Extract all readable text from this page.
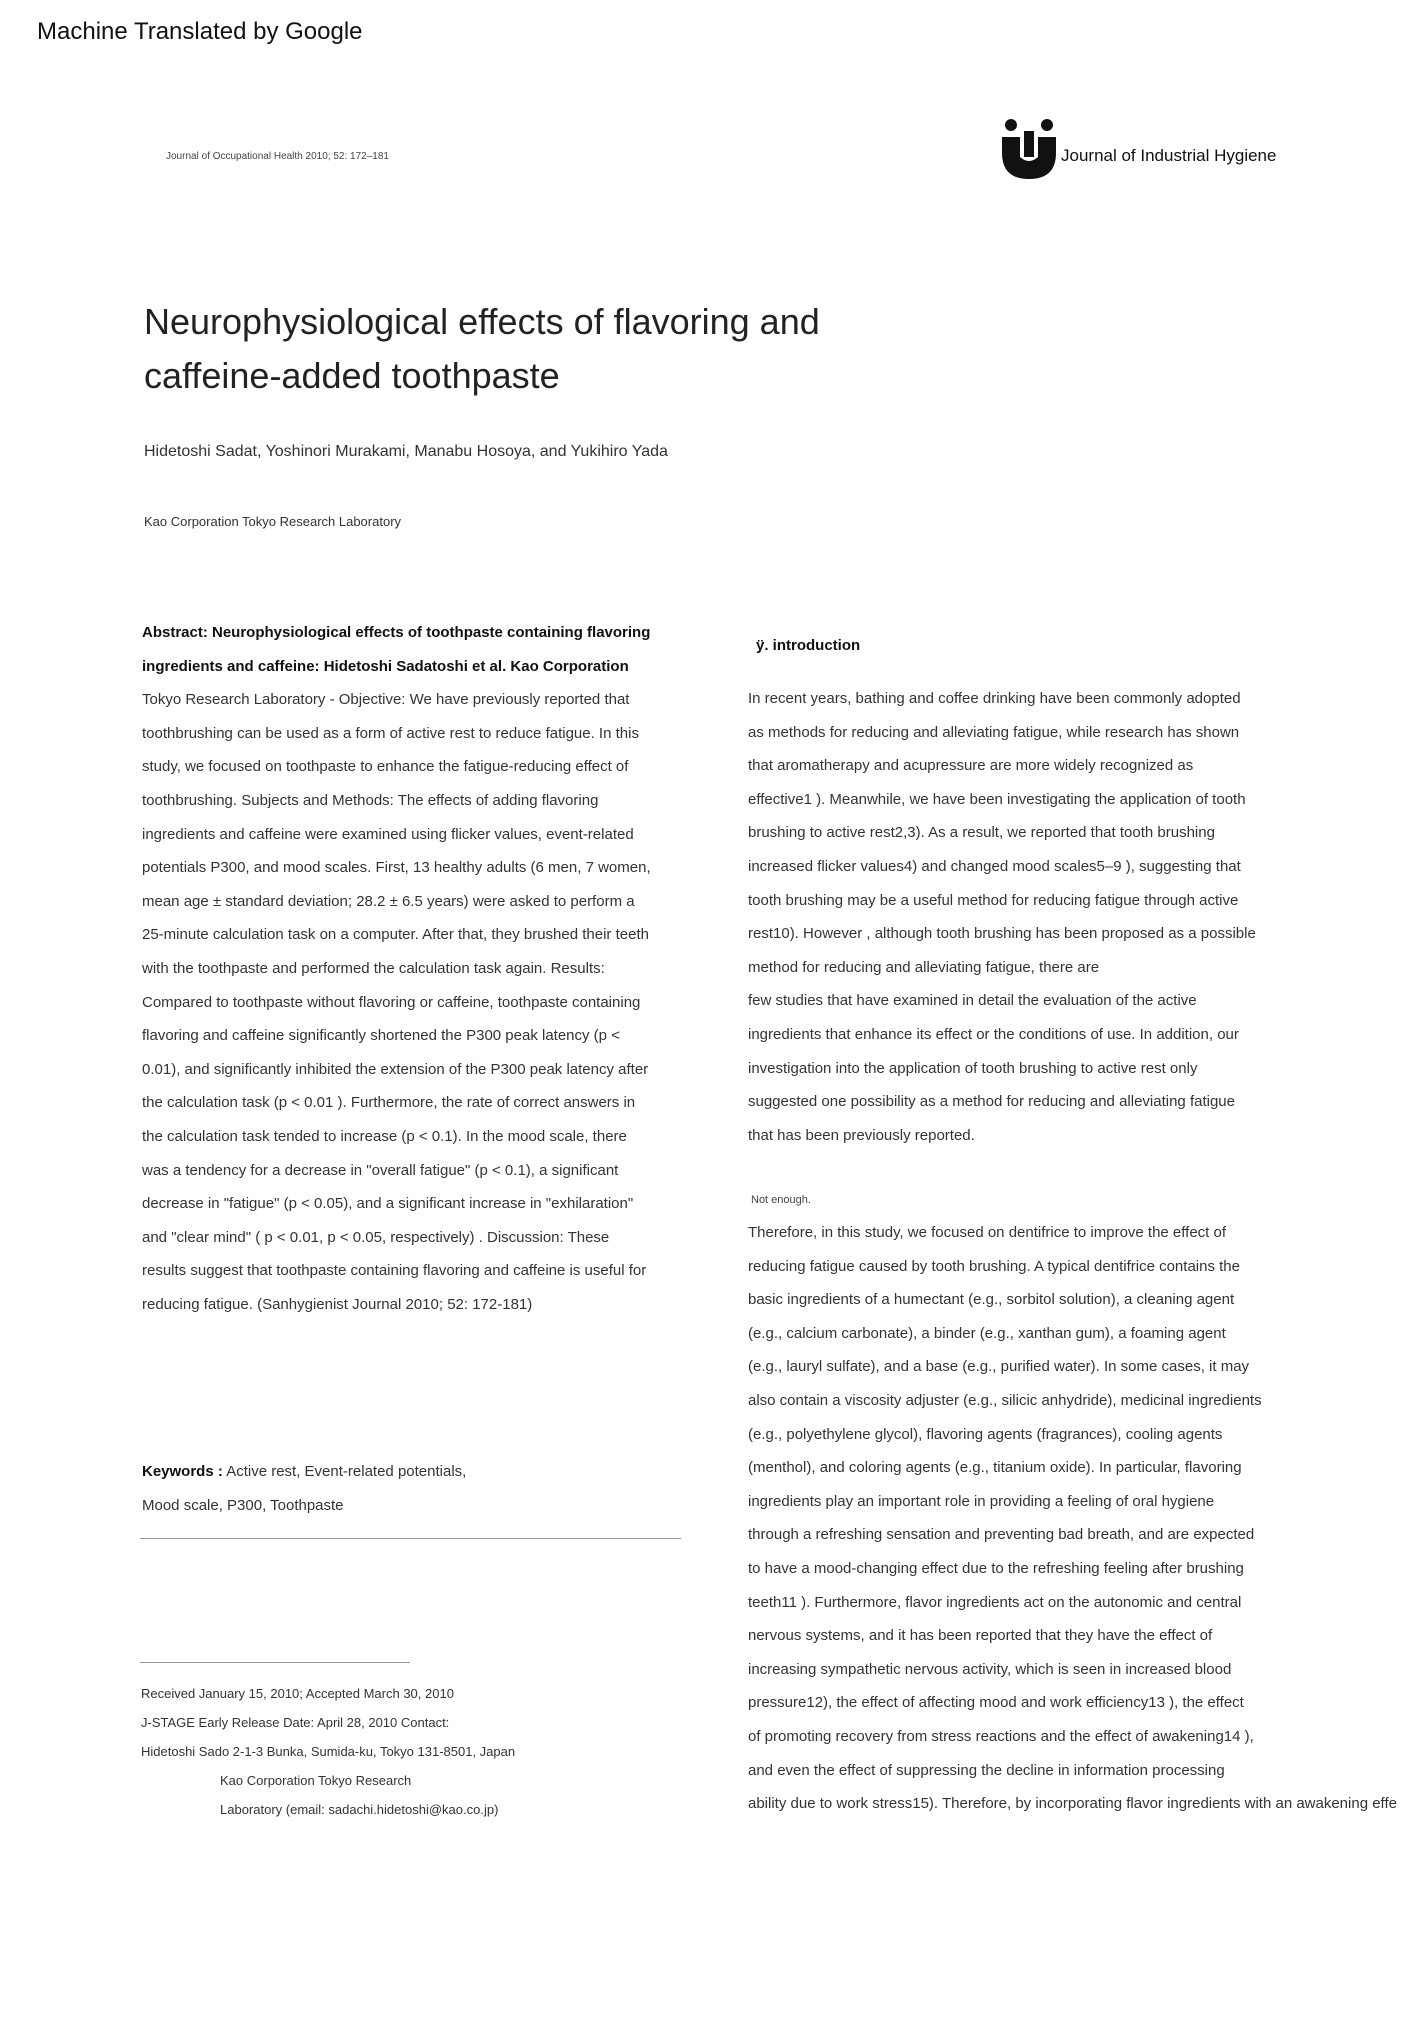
Machine Translated by Google
Journal of Occupational Health 2010; 52: 172–181	Journal of Industrial Hygiene
Neurophysiological effects of flavoring and
caffeine-added toothpaste
Hidetoshi Sadat, Yoshinori Murakami, Manabu Hosoya, and Yukihiro Yada
Kao Corporation Tokyo Research Laboratory
Abstract: Neurophysiological effects of toothpaste containing flavoring
ingredients and caffeine: Hidetoshi Sadatoshi et al. Kao Corporation
Tokyo Research Laboratory - Objective: We have previously reported that
toothbrushing can be used as a form of active rest to reduce fatigue. In this
study, we focused on toothpaste to enhance the fatigue-reducing effect of
toothbrushing. Subjects and Methods: The effects of adding flavoring
ingredients and caffeine were examined using flicker values, event-related
potentials P300, and mood scales. First, 13 healthy adults (6 men, 7 women,
mean age ± standard deviation; 28.2 ± 6.5 years) were asked to perform a
25-minute calculation task on a computer. After that, they brushed their teeth
with the toothpaste and performed the calculation task again. Results:
Compared to toothpaste without flavoring or caffeine, toothpaste containing
flavoring and caffeine significantly shortened the P300 peak latency (p <
0.01), and significantly inhibited the extension of the P300 peak latency after
the calculation task (p < 0.01 ). Furthermore, the rate of correct answers in
the calculation task tended to increase (p < 0.1). In the mood scale, there
was a tendency for a decrease in "overall fatigue" (p < 0.1), a significant
decrease in "fatigue" (p < 0.05), and a significant increase in "exhilaration"
and "clear mind" ( p < 0.01, p < 0.05, respectively) . Discussion: These
results suggest that toothpaste containing flavoring and caffeine is useful for
reducing fatigue. (Sanhygienist Journal 2010; 52: 172-181)
Keywords : Active rest, Event-related potentials,
Mood scale, P300, Toothpaste
Received January 15, 2010; Accepted March 30, 2010
J-STAGE Early Release Date: April 28, 2010 Contact:
Hidetoshi Sado 2-1-3 Bunka, Sumida-ku, Tokyo 131-8501, Japan
Kao Corporation Tokyo Research
Laboratory (email: sadachi.hidetoshi@kao.co.jp)
ÿ. introduction
In recent years, bathing and coffee drinking have been commonly adopted
as methods for reducing and alleviating fatigue, while research has shown
that aromatherapy and acupressure are more widely recognized as
effective1 ). Meanwhile, we have been investigating the application of tooth
brushing to active rest2,3). As a result, we reported that tooth brushing
increased flicker values4) and changed mood scales5–9 ), suggesting that
tooth brushing may be a useful method for reducing fatigue through active
rest10). However , although tooth brushing has been proposed as a possible
method for reducing and alleviating fatigue, there are
few studies that have examined in detail the evaluation of the active
ingredients that enhance its effect or the conditions of use. In addition, our
investigation into the application of tooth brushing to active rest only
suggested one possibility as a method for reducing and alleviating fatigue
that has been previously reported.
Not enough.
Therefore, in this study, we focused on dentifrice to improve the effect of
reducing fatigue caused by tooth brushing. A typical dentifrice contains the
basic ingredients of a humectant (e.g., sorbitol solution), a cleaning agent
(e.g., calcium carbonate), a binder (e.g., xanthan gum), a foaming agent
(e.g., lauryl sulfate), and a base (e.g., purified water). In some cases, it may
also contain a viscosity adjuster (e.g., silicic anhydride), medicinal ingredients
(e.g., polyethylene glycol), flavoring agents (fragrances), cooling agents
(menthol), and coloring agents (e.g., titanium oxide). In particular, flavoring
ingredients play an important role in providing a feeling of oral hygiene
through a refreshing sensation and preventing bad breath, and are expected
to have a mood-changing effect due to the refreshing feeling after brushing
teeth11 ). Furthermore, flavor ingredients act on the autonomic and central
nervous systems, and it has been reported that they have the effect of
increasing sympathetic nervous activity, which is seen in increased blood
pressure12), the effect of affecting mood and work efficiency13 ), the effect
of promoting recovery from stress reactions and the effect of awakening14 ),
and even the effect of suppressing the decline in information processing
ability due to work stress15). Therefore, by incorporating flavor ingredients with an awakening effe
